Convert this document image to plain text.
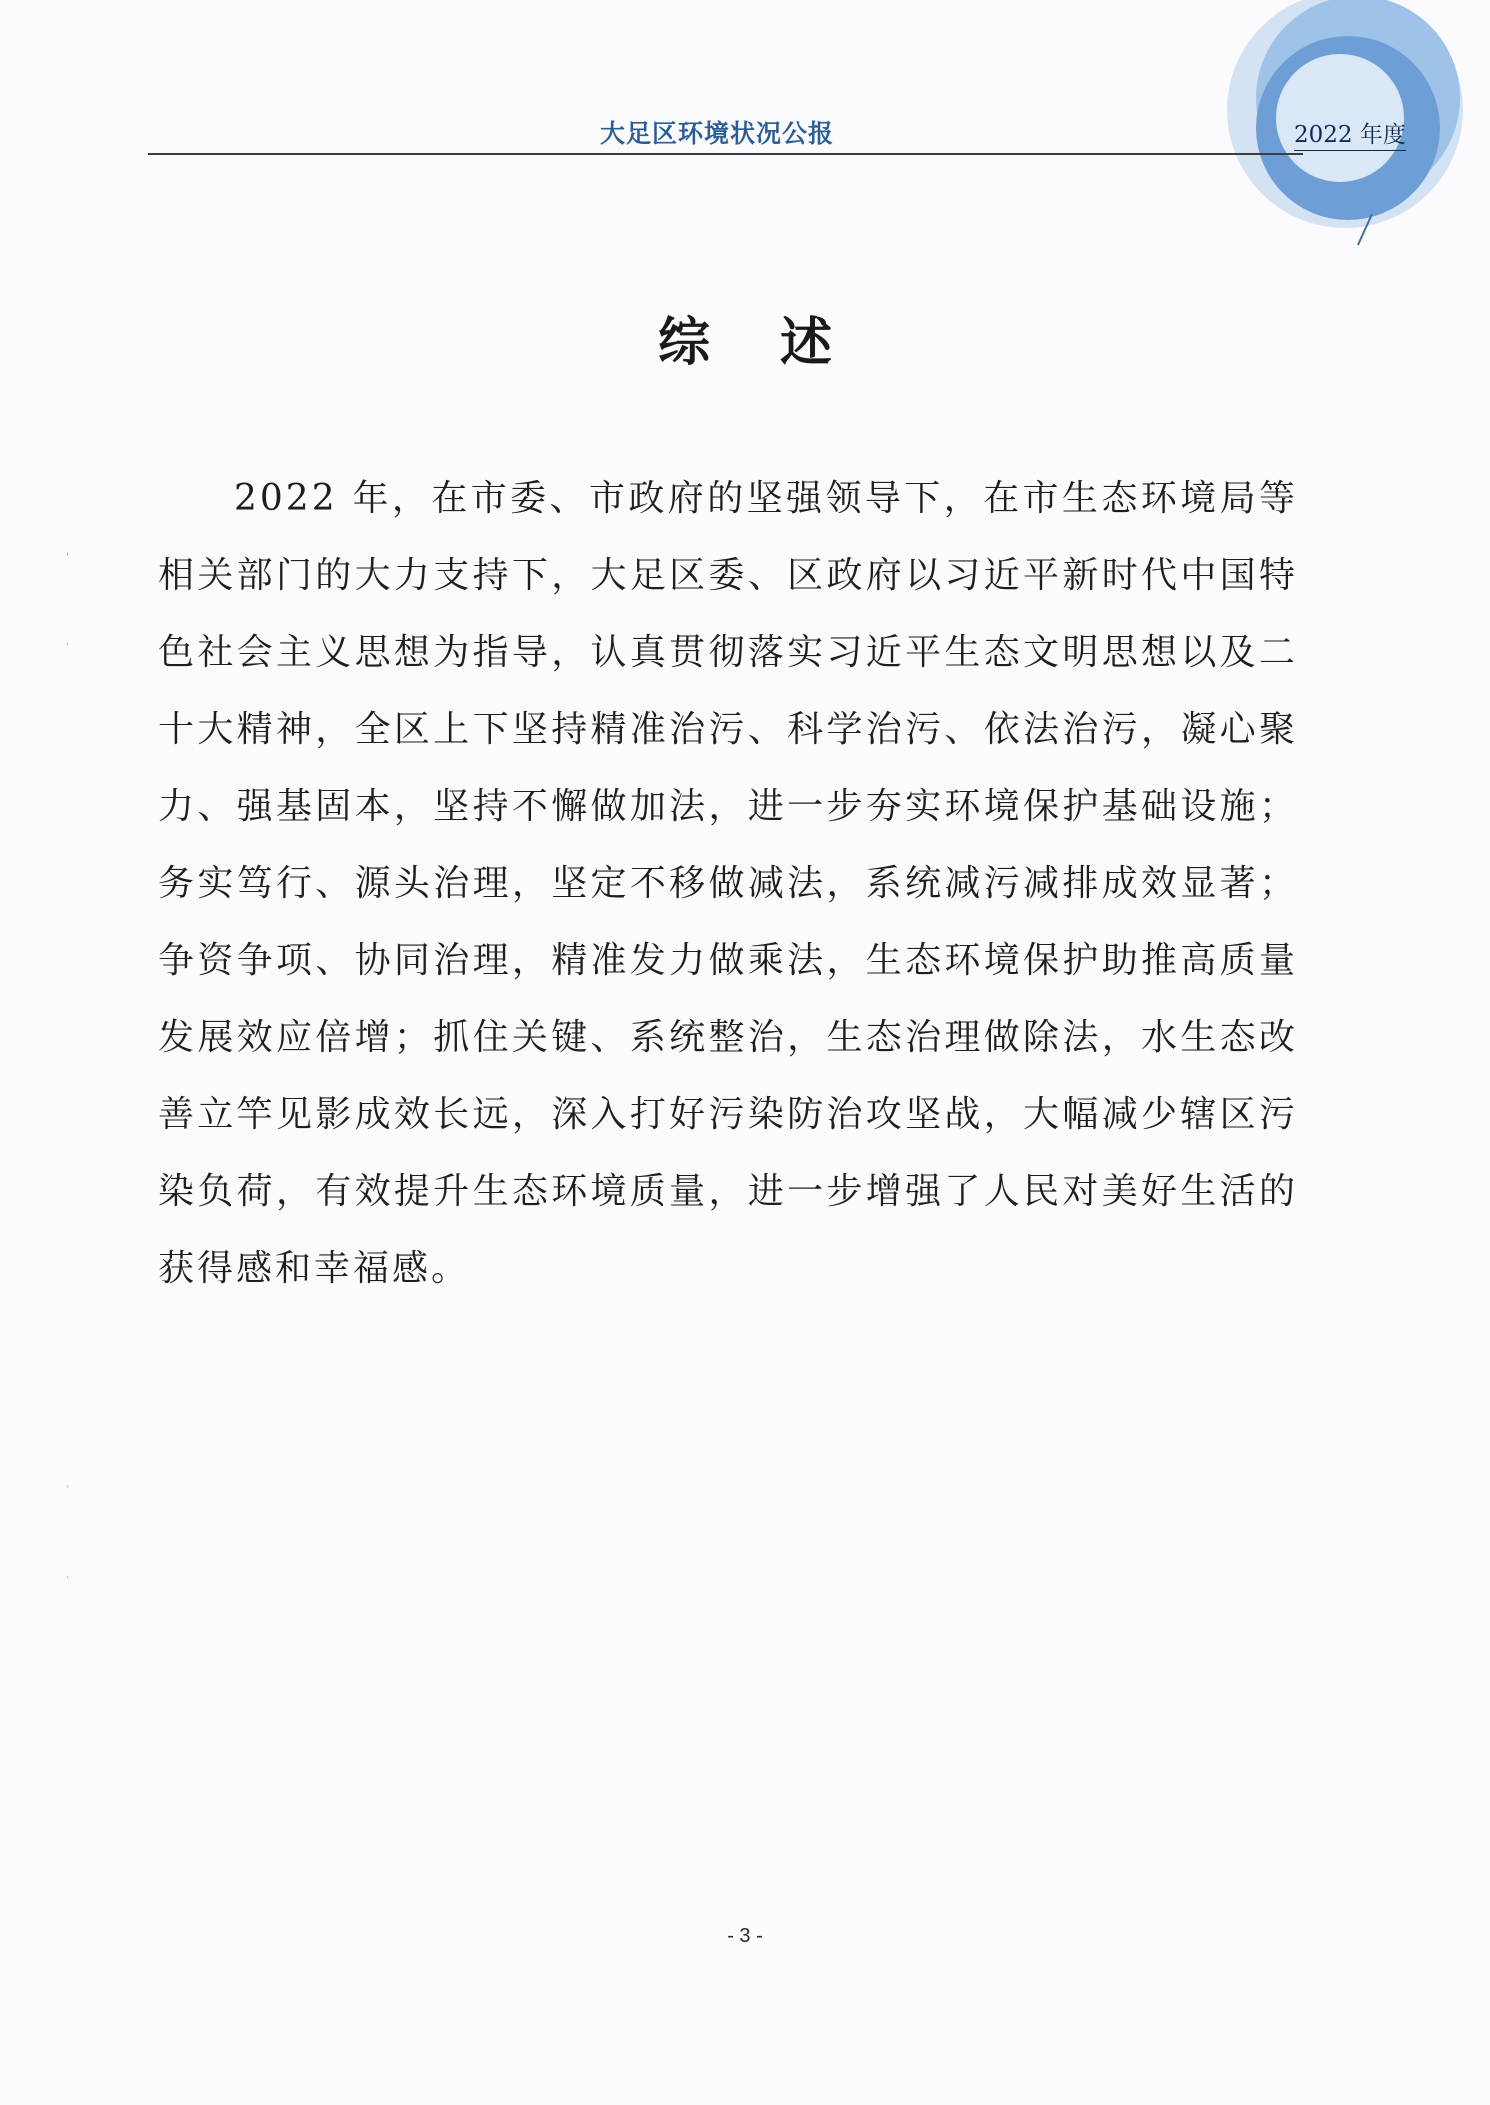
大足区环境状况公报	2022 年度
'
·
·
·
综 述

2022 年，在市委、市政府的坚强领导下，在市生态环境局等相关部门的大力支持下，大足区委、区政府以习近平新时代中国特色社会主义思想为指导，认真贯彻落实习近平生态文明思想以及二十大精神，全区上下坚持精准治污、科学治污、依法治污，凝心聚力、强基固本，坚持不懈做加法，进一步夯实环境保护基础设施；务实笃行、源头治理，坚定不移做减法，系统减污减排成效显著；争资争项、协同治理，精准发力做乘法，生态环境保护助推高质量发展效应倍增；抓住关键、系统整治，生态治理做除法，水生态改善立竿见影成效长远，深入打好污染防治攻坚战，大幅减少辖区污染负荷，有效提升生态环境质量，进一步增强了人民对美好生活的获得感和幸福感。

- 3 -
